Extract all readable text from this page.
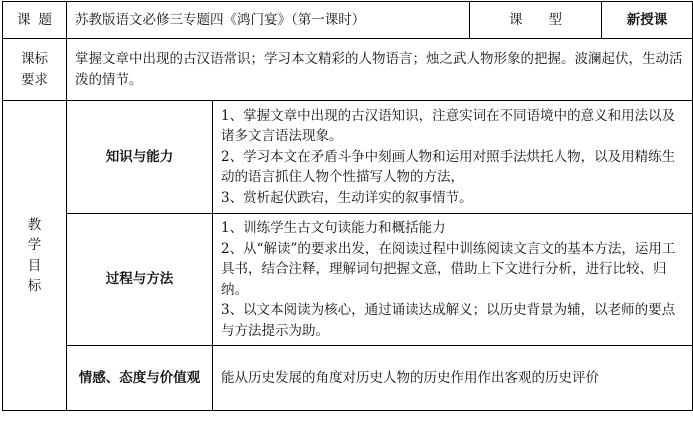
课题	苏教版语文必修三专题四《鸿门宴》（第一课时）		课型	新授课

课标
要求	掌握文章中出现的古汉语常识；学习本文精彩的人物语言；烛之武人物形象的把握。波澜起伏，生动活泼的情节。			

教
学
目
标	知识与能力	1、掌握文章中出现的古汉语知识，注意实词在不同语境中的意义和用法以及诸多文言语法现象。
2、学习本文在矛盾斗争中刻画人物和运用对照手法烘托人物，以及用精练生动的语言抓住人物个性描写人物的方法，
3、赏析起伏跌宕，生动详实的叙事情节。		

	过程与方法	1、训练学生古文句读能力和概括能力
2、从“解读”的要求出发，在阅读过程中训练阅读文言文的基本方法，运用工具书，结合注释，理解词句把握文意，借助上下文进行分析，进行比较、归纳。
3、以文本阅读为核心，通过诵读达成解义；以历史背景为辅，以老师的要点与方法提示为助。		

	情感、态度与价值观	能从历史发展的角度对历史人物的历史作用作出客观的历史评价		
